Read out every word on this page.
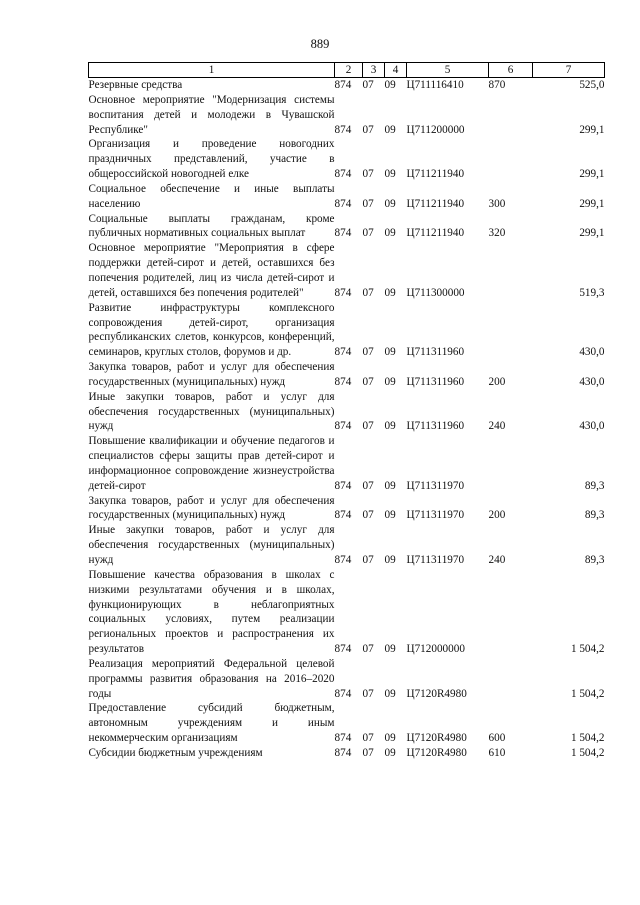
889
1	2	3	4	5	6	7
Резервные средства	874	07	09	Ц711116410	870	525,0
Основное мероприятие "Модернизация системы воспитания детей и молодежи в Чувашской Республике"	874	07	09	Ц711200000		299,1
Организация и проведение новогодних праздничных представлений, участие в общероссийской новогодней елке	874	07	09	Ц711211940		299,1
Социальное обеспечение и иные выплаты населению	874	07	09	Ц711211940	300	299,1
Социальные выплаты гражданам, кроме публичных нормативных социальных выплат	874	07	09	Ц711211940	320	299,1
Основное мероприятие "Мероприятия в сфере поддержки детей-сирот и детей, оставшихся без попечения родителей, лиц из числа детей-сирот и детей, оставшихся без попечения родителей"	874	07	09	Ц711300000		519,3
Развитие инфраструктуры комплексного сопровождения детей-сирот, организация республиканских слетов, конкурсов, конференций, семинаров, круглых столов, форумов и др.	874	07	09	Ц711311960		430,0
Закупка товаров, работ и услуг для обеспечения государственных (муниципальных) нужд	874	07	09	Ц711311960	200	430,0
Иные закупки товаров, работ и услуг для обеспечения государственных (муниципальных) нужд	874	07	09	Ц711311960	240	430,0
Повышение квалификации и обучение педагогов и специалистов сферы защиты прав детей-сирот и информационное сопровождение жизнеустройства детей-сирот	874	07	09	Ц711311970		89,3
Закупка товаров, работ и услуг для обеспечения государственных (муниципальных) нужд	874	07	09	Ц711311970	200	89,3
Иные закупки товаров, работ и услуг для обеспечения государственных (муниципальных) нужд	874	07	09	Ц711311970	240	89,3
Повышение качества образования в школах с низкими результатами обучения и в школах, функционирующих в неблагоприятных социальных условиях, путем реализации региональных проектов и распространения их результатов	874	07	09	Ц712000000		1 504,2
Реализация мероприятий Федеральной целевой программы развития образования на 2016–2020 годы	874	07	09	Ц7120R4980		1 504,2
Предоставление субсидий бюджетным, автономным учреждениям и иным некоммерческим организациям	874	07	09	Ц7120R4980	600	1 504,2
Субсидии бюджетным учреждениям	874	07	09	Ц7120R4980	610	1 504,2
